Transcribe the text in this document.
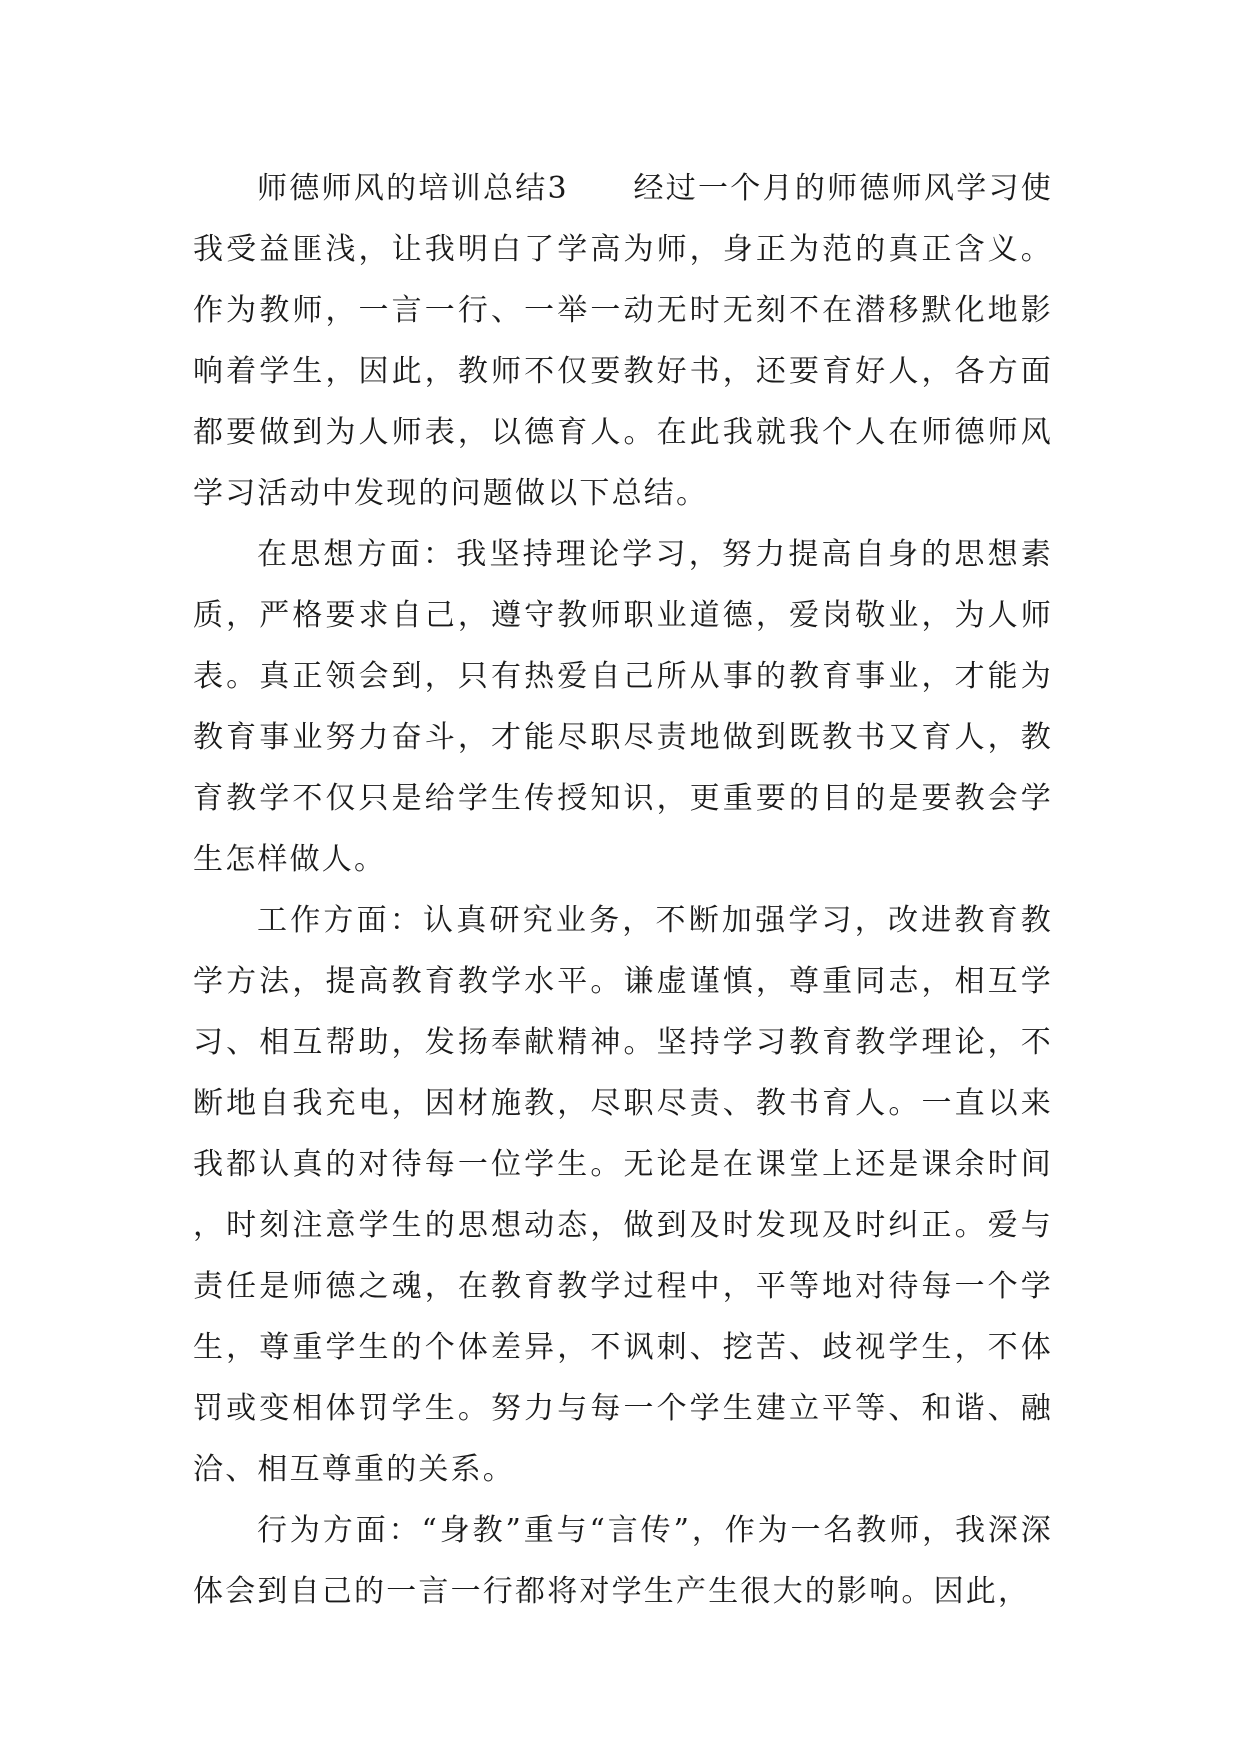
师德师风的培训总结3　　经过一个月的师德师风学习使我受益匪浅，让我明白了学高为师，身正为范的真正含义。作为教师，一言一行、一举一动无时无刻不在潜移默化地影响着学生，因此，教师不仅要教好书，还要育好人，各方面都要做到为人师表，以德育人。在此我就我个人在师德师风学习活动中发现的问题做以下总结。

在思想方面：我坚持理论学习，努力提高自身的思想素质，严格要求自己，遵守教师职业道德，爱岗敬业，为人师表。真正领会到，只有热爱自己所从事的教育事业，才能为教育事业努力奋斗，才能尽职尽责地做到既教书又育人，教育教学不仅只是给学生传授知识，更重要的目的是要教会学生怎样做人。

工作方面：认真研究业务，不断加强学习，改进教育教学方法，提高教育教学水平。谦虚谨慎，尊重同志，相互学习、相互帮助，发扬奉献精神。坚持学习教育教学理论，不断地自我充电，因材施教，尽职尽责、教书育人。一直以来我都认真的对待每一位学生。无论是在课堂上还是课余时间，时刻注意学生的思想动态，做到及时发现及时纠正。爱与责任是师德之魂，在教育教学过程中，平等地对待每一个学生，尊重学生的个体差异，不讽刺、挖苦、歧视学生，不体罚或变相体罚学生。努力与每一个学生建立平等、和谐、融洽、相互尊重的关系。

行为方面：“身教”重与“言传”，作为一名教师，我深深体会到自己的一言一行都将对学生产生很大的影响。因此，
